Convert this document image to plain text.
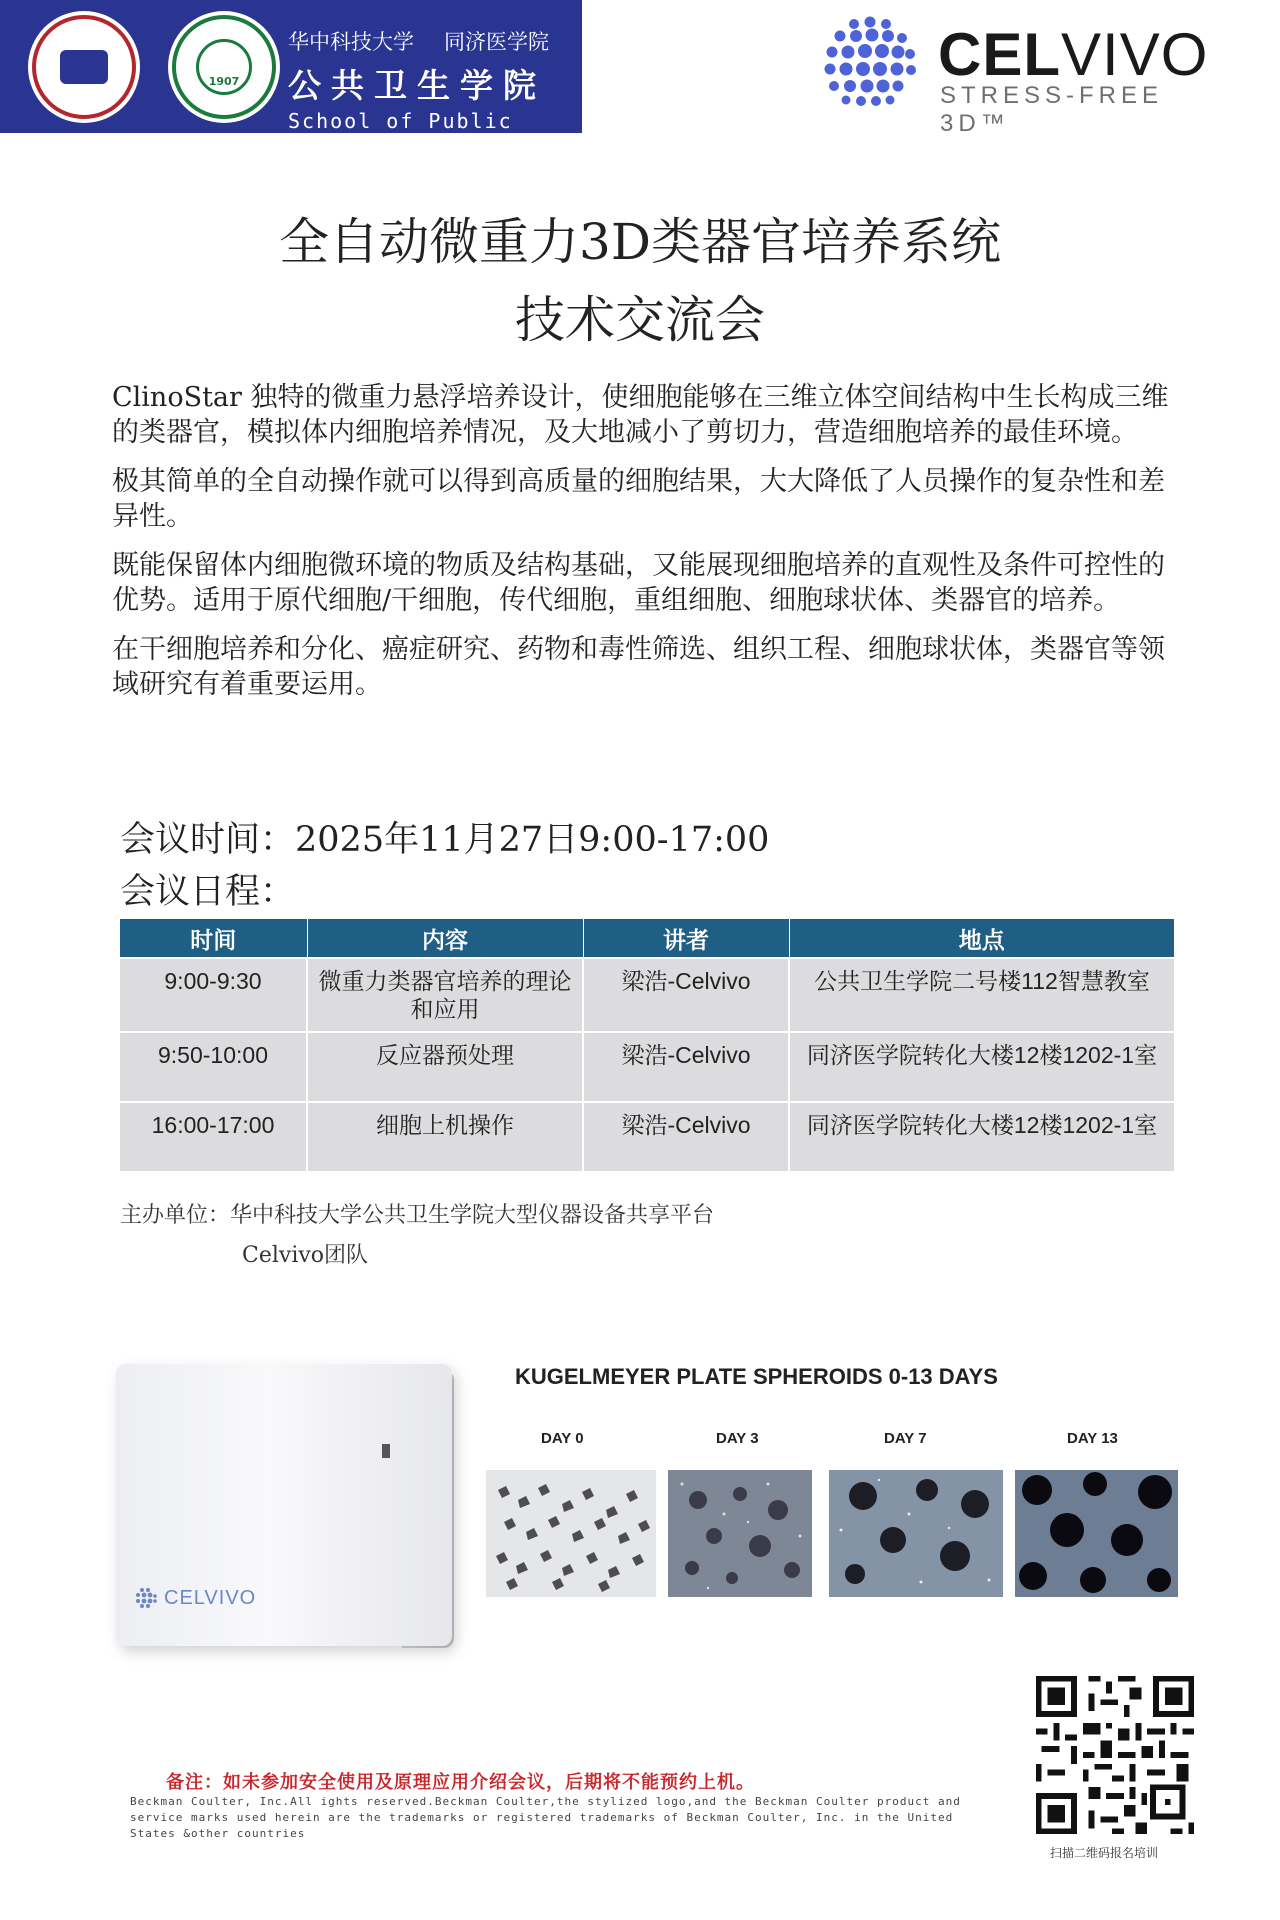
1907
华中科技大学 同济医学院
公共卫生学院
School of Public Health
CELVIVO
STRESS-FREE 3D™
全自动微重力3D类器官培养系统
技术交流会

ClinoStar 独特的微重力悬浮培养设计，使细胞能够在三维立体空间结构中生长构成三维的类器官，模拟体内细胞培养情况，及大地减小了剪切力，营造细胞培养的最佳环境。

极其简单的全自动操作就可以得到高质量的细胞结果，大大降低了人员操作的复杂性和差异性。

既能保留体内细胞微环境的物质及结构基础，又能展现细胞培养的直观性及条件可控性的优势。适用于原代细胞/干细胞，传代细胞，重组细胞、细胞球状体、类器官的培养。

在干细胞培养和分化、癌症研究、药物和毒性筛选、组织工程、细胞球状体，类器官等领域研究有着重要运用。

会议时间：2025年11月27日9:00-17:00
会议日程：
时间	内容	讲者	地点
9:00-9:30	微重力类器官培养的理论和应用	梁浩-Celvivo	公共卫生学院二号楼112智慧教室
9:50-10:00	反应器预处理	梁浩-Celvivo	同济医学院转化大楼12楼1202-1室
16:00-17:00	细胞上机操作	梁浩-Celvivo	同济医学院转化大楼12楼1202-1室
主办单位：华中科技大学公共卫生学院大型仪器设备共享平台
Celvivo团队
CELVIVO
KUGELMEYER PLATE SPHEROIDS 0-13 DAYS
DAY 0	DAY 3	DAY 7	DAY 13
备注：如未参加安全使用及原理应用介绍会议，后期将不能预约上机。
Beckman Coulter, Inc.All ights reserved.Beckman Coulter,the stylized logo,and the Beckman Coulter product and service marks used herein are the trademarks or registered trademarks of Beckman Coulter, Inc. in the United States &other countries
扫描二维码报名培训
